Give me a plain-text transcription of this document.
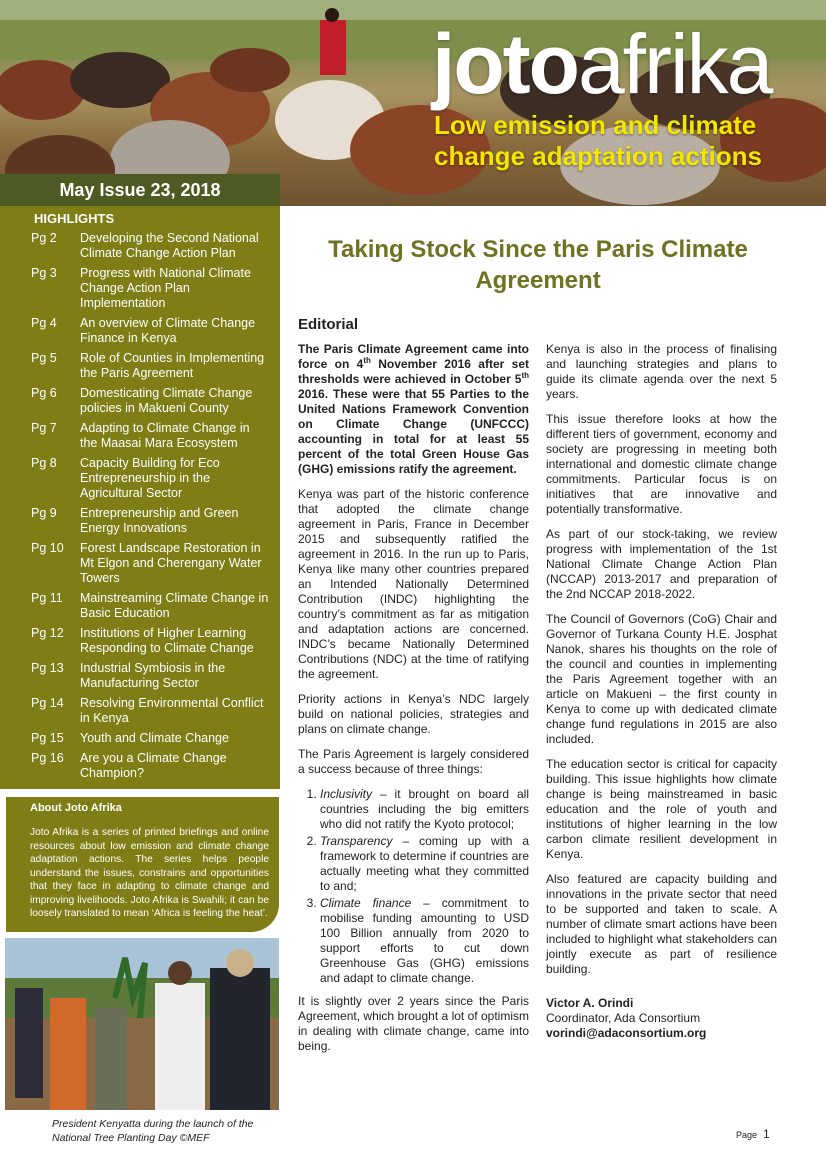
jotoafrika
Low emission and climate change adaptation actions
May Issue 23, 2018
HIGHLIGHTS
Pg 2	Developing the Second National Climate Change Action Plan
Pg 3	Progress with National Climate Change Action Plan Implementation
Pg 4	An overview of Climate Change Finance in Kenya
Pg 5	Role of Counties in Implementing the Paris Agreement
Pg 6	Domesticating Climate Change policies in Makueni County
Pg 7	Adapting to Climate Change in the Maasai Mara Ecosystem
Pg 8	Capacity Building for Eco Entrepreneurship in the Agricultural Sector
Pg 9	Entrepreneurship and Green Energy Innovations
Pg 10	Forest Landscape Restoration in Mt Elgon and Cherengany Water Towers
Pg 11	Mainstreaming Climate Change in Basic Education
Pg 12	Institutions of Higher Learning Responding to Climate Change
Pg 13	Industrial Symbiosis in the Manufacturing Sector
Pg 14	Resolving Environmental Conflict in Kenya
Pg 15	Youth and Climate Change
Pg 16	Are you a Climate Change Champion?
About Joto Afrika
Joto Afrika is a series of printed briefings and online resources about low emission and climate change adaptation actions. The series helps people understand the issues, constrains and opportunities that they face in adapting to climate change and improving livelihoods. Joto Afrika is Swahili; it can be loosely translated to mean ‘Africa is feeling the heat’.
President Kenyatta during the launch of the National Tree Planting Day ©MEF
Taking Stock Since the Paris Climate Agreement
Editorial

The Paris Climate Agreement came into force on 4th November 2016 after set thresholds were achieved in October 5th 2016. These were that 55 Parties to the United Nations Framework Convention on Climate Change (UNFCCC) accounting in total for at least 55 percent of the total Green House Gas (GHG) emissions ratify the agreement.

Kenya was part of the historic conference that adopted the climate change agreement in Paris, France in December 2015 and subsequently ratified the agreement in 2016. In the run up to Paris, Kenya like many other countries prepared an Intended Nationally Determined Contribution (INDC) highlighting the country’s commitment as far as mitigation and adaptation actions are concerned. INDC’s became Nationally Determined Contributions (NDC) at the time of ratifying the agreement.

Priority actions in Kenya’s NDC largely build on national policies, strategies and plans on climate change.

The Paris Agreement is largely considered a success because of three things:

1. Inclusivity – it brought on board all countries including the big emitters who did not ratify the Kyoto protocol;
2. Transparency – coming up with a framework to determine if countries are actually meeting what they committed to and;
3. Climate finance – commitment to mobilise funding amounting to USD 100 Billion annually from 2020 to support efforts to cut down Greenhouse Gas (GHG) emissions and adapt to climate change.

It is slightly over 2 years since the Paris Agreement, which brought a lot of optimism in dealing with climate change, came into being.

Kenya is also in the process of finalising and launching strategies and plans to guide its climate agenda over the next 5 years.

This issue therefore looks at how the different tiers of government, economy and society are progressing in meeting both international and domestic climate change commitments. Particular focus is on initiatives that are innovative and potentially transformative.

As part of our stock-taking, we review progress with implementation of the 1st National Climate Change Action Plan (NCCAP) 2013-2017 and preparation of the 2nd NCCAP 2018-2022.

The Council of Governors (CoG) Chair and Governor of Turkana County H.E. Josphat Nanok, shares his thoughts on the role of the council and counties in implementing the Paris Agreement together with an article on Makueni – the first county in Kenya to come up with dedicated climate change fund regulations in 2015 are also included.

The education sector is critical for capacity building. This issue highlights how climate change is being mainstreamed in basic education and the role of youth and institutions of higher learning in the low carbon climate resilient development in Kenya.

Also featured are capacity building and innovations in the private sector that need to be supported and taken to scale. A number of climate smart actions have been included to highlight what stakeholders can jointly execute as part of resilience building.

Victor A. Orindi
Coordinator, Ada Consortium
vorindi@adaconsortium.org
Page 1
